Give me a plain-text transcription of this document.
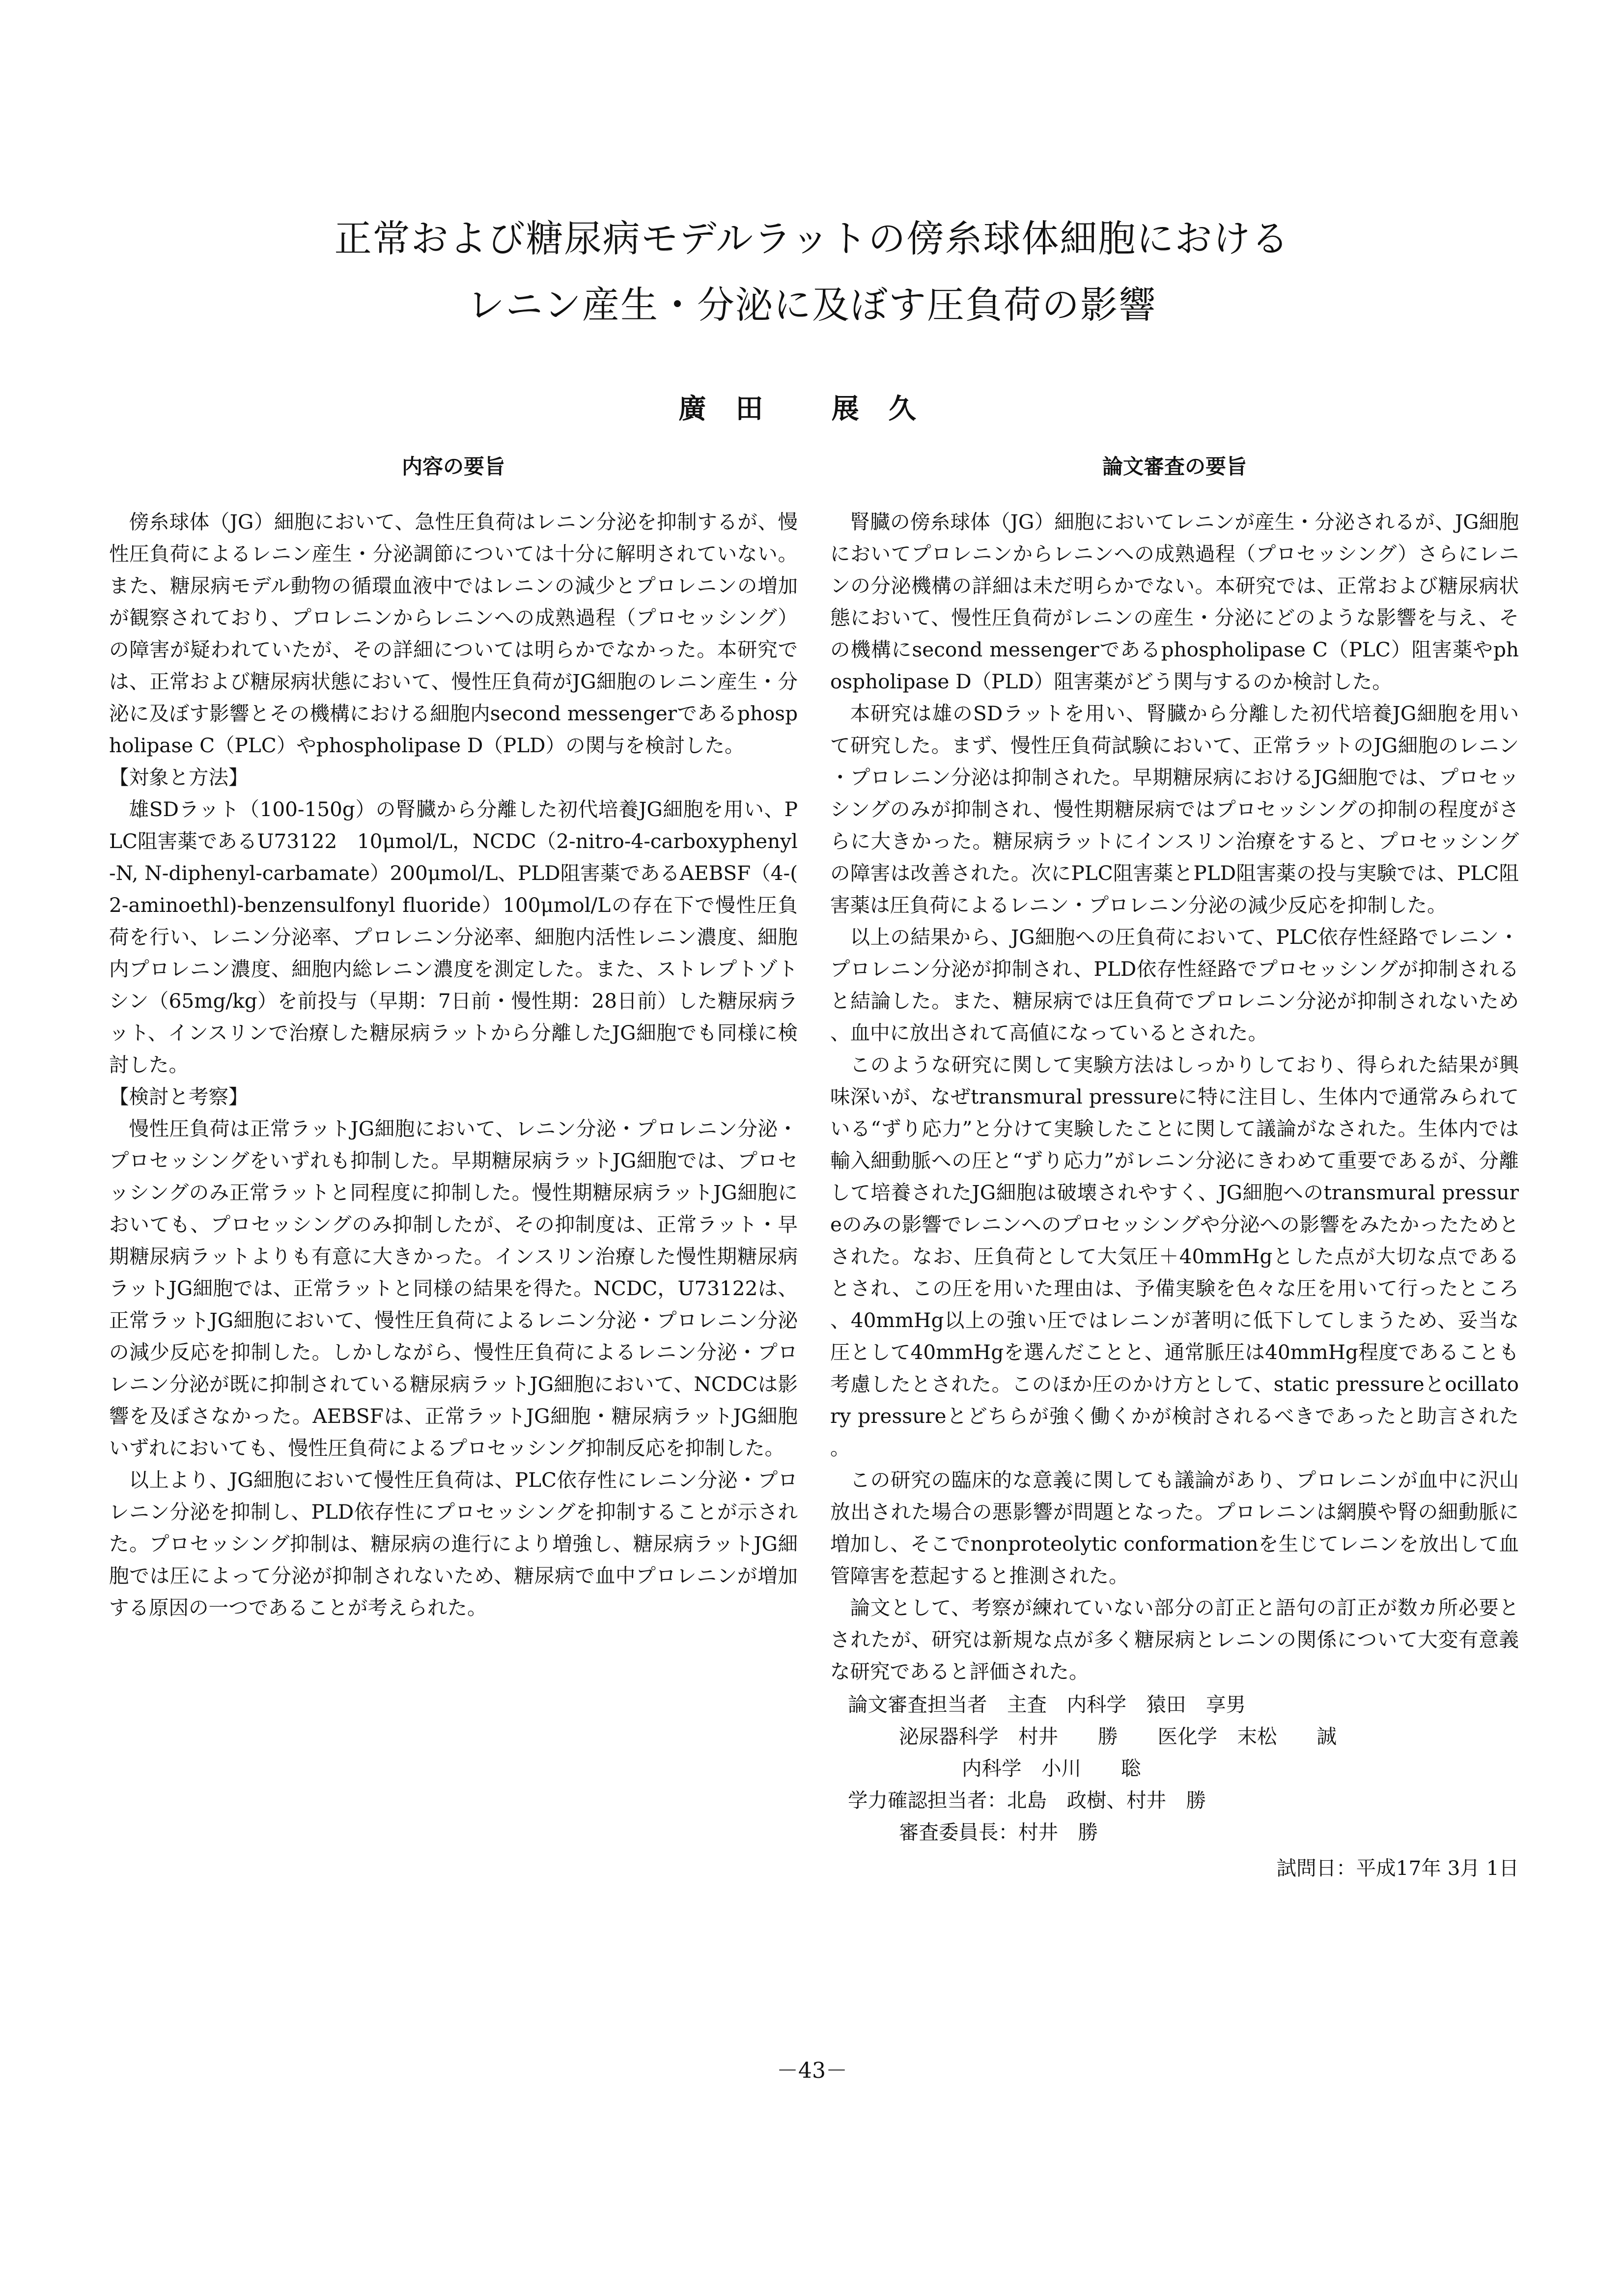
正常および糖尿病モデルラットの傍糸球体細胞における
レニン産生・分泌に及ぼす圧負荷の影響
廣田 展久
内容の要旨

傍糸球体（JG）細胞において、急性圧負荷はレニン分泌を抑制するが、慢性圧負荷によるレニン産生・分泌調節については十分に解明されていない。また、糖尿病モデル動物の循環血液中ではレニンの減少とプロレニンの増加が観察されており、プロレニンからレニンへの成熟過程（プロセッシング）の障害が疑われていたが、その詳細については明らかでなかった。本研究では、正常および糖尿病状態において、慢性圧負荷がJG細胞のレニン産生・分泌に及ぼす影響とその機構における細胞内second messengerであるphospholipase C（PLC）やphospholipase D（PLD）の関与を検討した。

【対象と方法】

雄SDラット（100-150g）の腎臓から分離した初代培養JG細胞を用い、PLC阻害薬であるU73122　10μmol/L，NCDC（2-nitro-4-carboxyphenyl-N, N-diphenyl-carbamate）200μmol/L、PLD阻害薬であるAEBSF（4-(2-aminoethl)-benzensulfonyl fluoride）100μmol/Lの存在下で慢性圧負荷を行い、レニン分泌率、プロレニン分泌率、細胞内活性レニン濃度、細胞内プロレニン濃度、細胞内総レニン濃度を測定した。また、ストレプトゾトシン（65mg/kg）を前投与（早期：7日前・慢性期：28日前）した糖尿病ラット、インスリンで治療した糖尿病ラットから分離したJG細胞でも同様に検討した。

【検討と考察】

慢性圧負荷は正常ラットJG細胞において、レニン分泌・プロレニン分泌・プロセッシングをいずれも抑制した。早期糖尿病ラットJG細胞では、プロセッシングのみ正常ラットと同程度に抑制した。慢性期糖尿病ラットJG細胞においても、プロセッシングのみ抑制したが、その抑制度は、正常ラット・早期糖尿病ラットよりも有意に大きかった。インスリン治療した慢性期糖尿病ラットJG細胞では、正常ラットと同様の結果を得た。NCDC，U73122は、正常ラットJG細胞において、慢性圧負荷によるレニン分泌・プロレニン分泌の減少反応を抑制した。しかしながら、慢性圧負荷によるレニン分泌・プロレニン分泌が既に抑制されている糖尿病ラットJG細胞において、NCDCは影響を及ぼさなかった。AEBSFは、正常ラットJG細胞・糖尿病ラットJG細胞いずれにおいても、慢性圧負荷によるプロセッシング抑制反応を抑制した。

以上より、JG細胞において慢性圧負荷は、PLC依存性にレニン分泌・プロレニン分泌を抑制し、PLD依存性にプロセッシングを抑制することが示された。プロセッシング抑制は、糖尿病の進行により増強し、糖尿病ラットJG細胞では圧によって分泌が抑制されないため、糖尿病で血中プロレニンが増加する原因の一つであることが考えられた。

論文審査の要旨

腎臓の傍糸球体（JG）細胞においてレニンが産生・分泌されるが、JG細胞においてプロレニンからレニンへの成熟過程（プロセッシング）さらにレニンの分泌機構の詳細は未だ明らかでない。本研究では、正常および糖尿病状態において、慢性圧負荷がレニンの産生・分泌にどのような影響を与え、その機構にsecond messengerであるphospholipase C（PLC）阻害薬やphospholipase D（PLD）阻害薬がどう関与するのか検討した。

本研究は雄のSDラットを用い、腎臓から分離した初代培養JG細胞を用いて研究した。まず、慢性圧負荷試験において、正常ラットのJG細胞のレニン・プロレニン分泌は抑制された。早期糖尿病におけるJG細胞では、プロセッシングのみが抑制され、慢性期糖尿病ではプロセッシングの抑制の程度がさらに大きかった。糖尿病ラットにインスリン治療をすると、プロセッシングの障害は改善された。次にPLC阻害薬とPLD阻害薬の投与実験では、PLC阻害薬は圧負荷によるレニン・プロレニン分泌の減少反応を抑制した。

以上の結果から、JG細胞への圧負荷において、PLC依存性経路でレニン・プロレニン分泌が抑制され、PLD依存性経路でプロセッシングが抑制されると結論した。また、糖尿病では圧負荷でプロレニン分泌が抑制されないため、血中に放出されて高値になっているとされた。

このような研究に関して実験方法はしっかりしており、得られた結果が興味深いが、なぜtransmural pressureに特に注目し、生体内で通常みられている“ずり応力”と分けて実験したことに関して議論がなされた。生体内では輸入細動脈への圧と“ずり応力”がレニン分泌にきわめて重要であるが、分離して培養されたJG細胞は破壊されやすく、JG細胞へのtransmural pressureのみの影響でレニンへのプロセッシングや分泌への影響をみたかったためとされた。なお、圧負荷として大気圧＋40mmHgとした点が大切な点であるとされ、この圧を用いた理由は、予備実験を色々な圧を用いて行ったところ、40mmHg以上の強い圧ではレニンが著明に低下してしまうため、妥当な圧として40mmHgを選んだことと、通常脈圧は40mmHg程度であることも考慮したとされた。このほか圧のかけ方として、static pressureとocillatory pressureとどちらが強く働くかが検討されるべきであったと助言された。

この研究の臨床的な意義に関しても議論があり、プロレニンが血中に沢山放出された場合の悪影響が問題となった。プロレニンは網膜や腎の細動脈に増加し、そこでnonproteolytic conformationを生じてレニンを放出して血管障害を惹起すると推測された。

論文として、考察が練れていない部分の訂正と語句の訂正が数カ所必要とされたが、研究は新規な点が多く糖尿病とレニンの関係について大変有意義な研究であると評価された。

論文審査担当者　主査　内科学　猿田　享男
泌尿器科学　村井　　勝　　医化学　末松　　誠
内科学　小川　　聡
学力確認担当者：北島　政樹、村井　勝
審査委員長：村井　勝
試問日：平成17年 3月 1日
－43－
